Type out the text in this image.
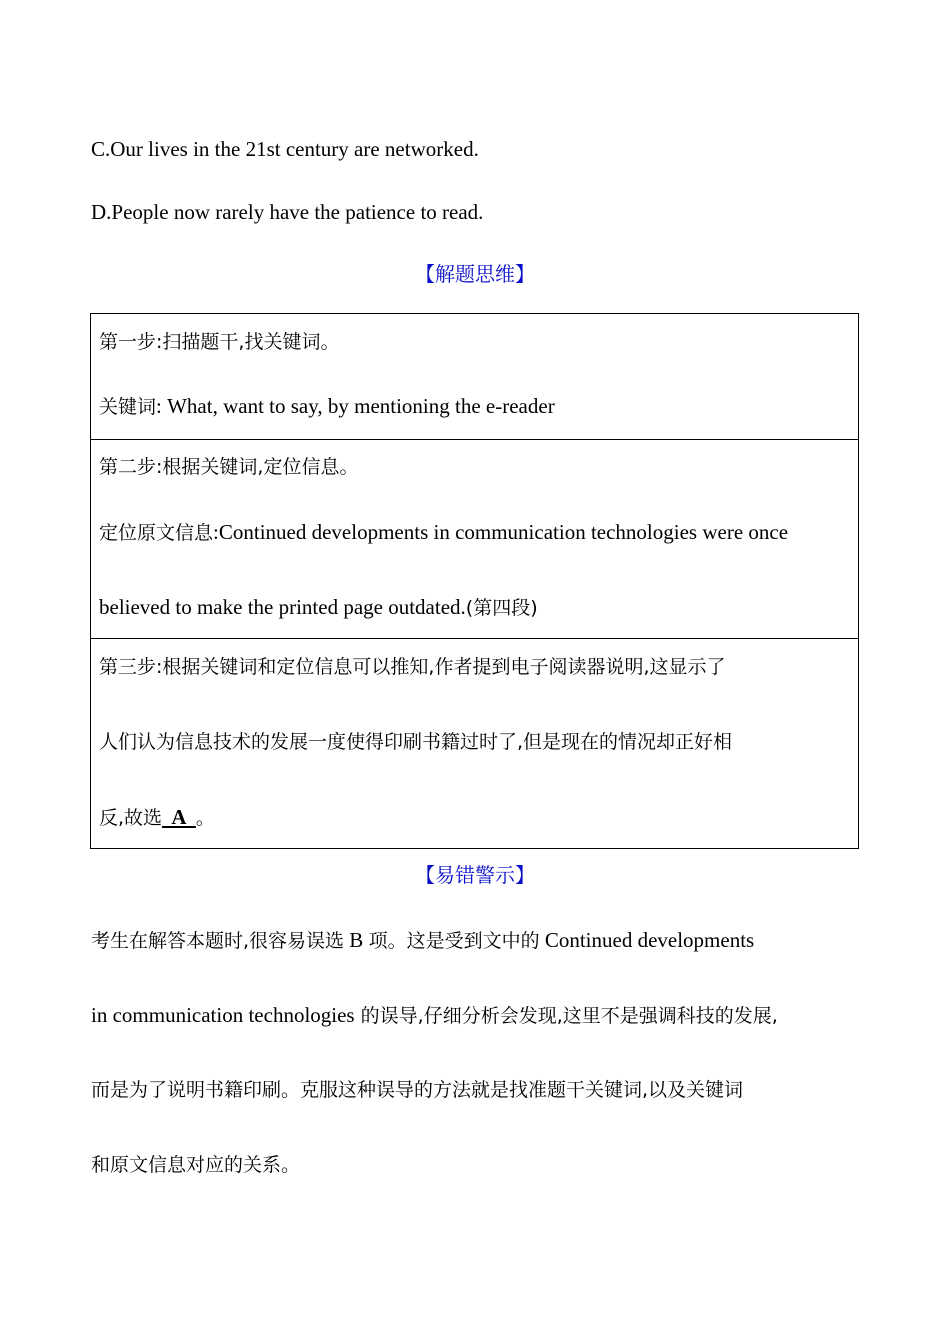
C.Our lives in the 21st century are networked.
D.People now rarely have the patience to read.
【解题思维】
第一步:扫描题干,找关键词。
关键词: What, want to say, by mentioning the e-reader
第二步:根据关键词,定位信息。
定位原文信息:Continued developments in communication technologies were once
believed to make the printed page outdated.(第四段)
第三步:根据关键词和定位信息可以推知,作者提到电子阅读器说明,这显示了
人们认为信息技术的发展一度使得印刷书籍过时了,但是现在的情况却正好相
反,故选  A  。
【易错警示】
考生在解答本题时,很容易误选 B 项。这是受到文中的 Continued developments
in communication technologies 的误导,仔细分析会发现,这里不是强调科技的发展,
而是为了说明书籍印刷。克服这种误导的方法就是找准题干关键词,以及关键词
和原文信息对应的关系。
